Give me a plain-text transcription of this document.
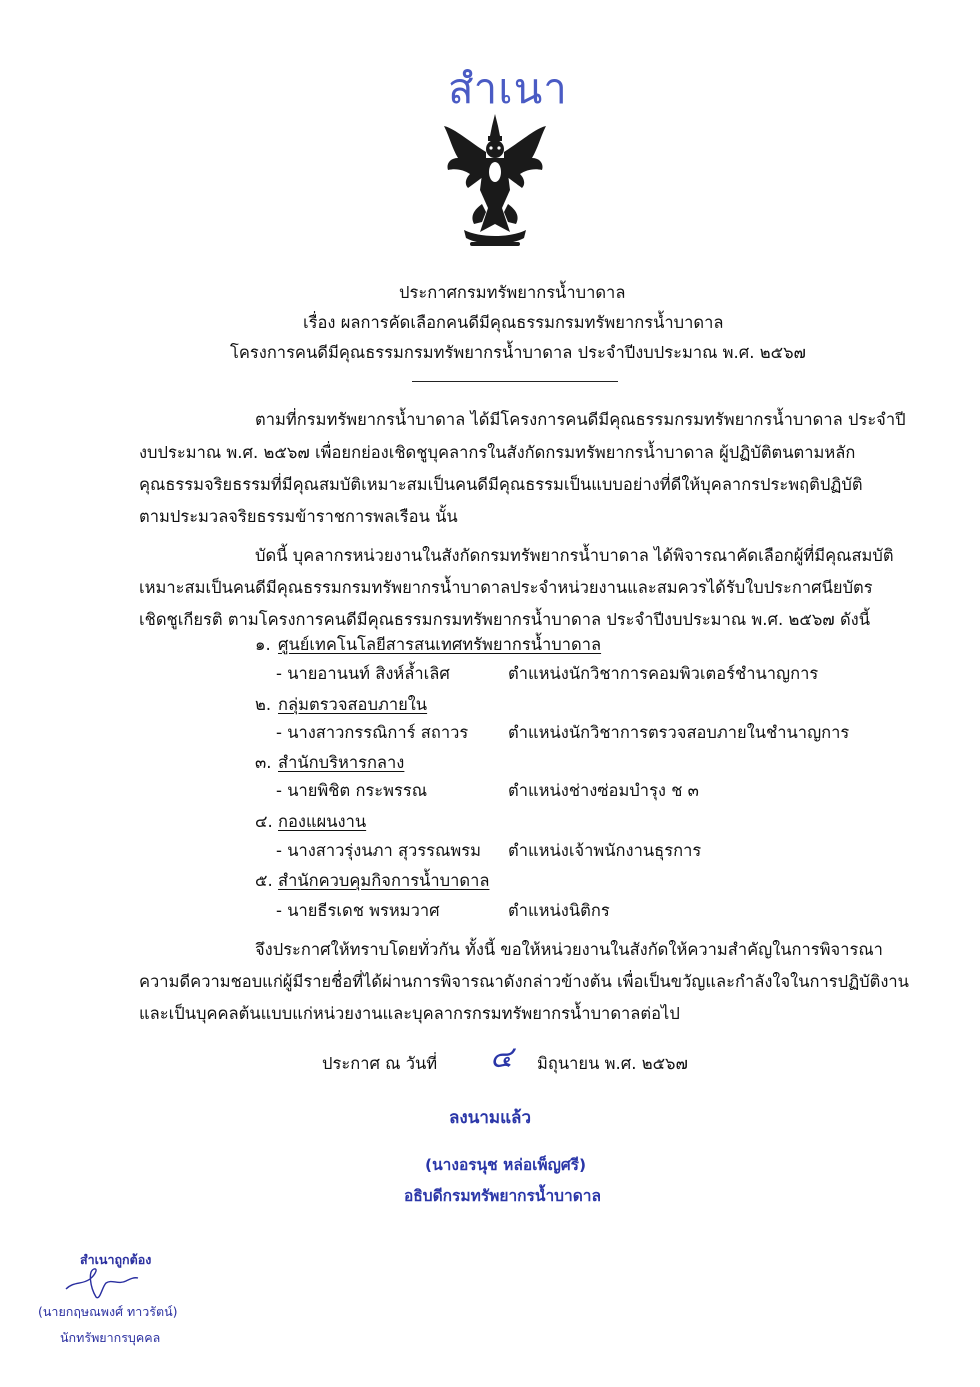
สำเนา
ประกาศกรมทรัพยากรน้ำบาดาล
เรื่อง ผลการคัดเลือกคนดีมีคุณธรรมกรมทรัพยากรน้ำบาดาล
โครงการคนดีมีคุณธรรมกรมทรัพยากรน้ำบาดาล ประจำปีงบประมาณ พ.ศ. ๒๕๖๗
ตามที่กรมทรัพยากรน้ำบาดาล ได้มีโครงการคนดีมีคุณธรรมกรมทรัพยากรน้ำบาดาล ประจำปี
งบประมาณ พ.ศ. ๒๕๖๗ เพื่อยกย่องเชิดชูบุคลากรในสังกัดกรมทรัพยากรน้ำบาดาล ผู้ปฏิบัติตนตามหลัก
คุณธรรมจริยธรรมที่มีคุณสมบัติเหมาะสมเป็นคนดีมีคุณธรรมเป็นแบบอย่างที่ดีให้บุคลากรประพฤติปฏิบัติ
ตามประมวลจริยธรรมข้าราชการพลเรือน นั้น
บัดนี้ บุคลากรหน่วยงานในสังกัดกรมทรัพยากรน้ำบาดาล ได้พิจารณาคัดเลือกผู้ที่มีคุณสมบัติ
เหมาะสมเป็นคนดีมีคุณธรรมกรมทรัพยากรน้ำบาดาลประจำหน่วยงานและสมควรได้รับใบประกาศนียบัตร
เชิดชูเกียรติ ตามโครงการคนดีมีคุณธรรมกรมทรัพยากรน้ำบาดาล ประจำปีงบประมาณ พ.ศ. ๒๕๖๗ ดังนี้
๑. ศูนย์เทคโนโลยีสารสนเทศทรัพยากรน้ำบาดาล
- นายอานนท์ สิงห์ล้ำเลิศ	ตำแหน่งนักวิชาการคอมพิวเตอร์ชำนาญการ
๒. กลุ่มตรวจสอบภายใน
- นางสาวกรรณิการ์ สถาวร ตำแหน่งนักวิชาการตรวจสอบภายในชำนาญการ
๓. สำนักบริหารกลาง
- นายพิชิต กระพรรณ	ตำแหน่งช่างซ่อมบำรุง ช ๓
๔. กองแผนงาน
- นางสาวรุ่งนภา สุวรรณพรม ตำแหน่งเจ้าพนักงานธุรการ
๕. สำนักควบคุมกิจการน้ำบาดาล
- นายธีรเดช พรหมวาศ	ตำแหน่งนิติกร
จึงประกาศให้ทราบโดยทั่วกัน ทั้งนี้ ขอให้หน่วยงานในสังกัดให้ความสำคัญในการพิจารณา
ความดีความชอบแก่ผู้มีรายชื่อที่ได้ผ่านการพิจารณาดังกล่าวข้างต้น เพื่อเป็นขวัญและกำลังใจในการปฏิบัติงาน
และเป็นบุคคลต้นแบบแก่หน่วยงานและบุคลากรกรมทรัพยากรน้ำบาดาลต่อไป
ประกาศ ณ วันที่ ๔ มิถุนายน พ.ศ. ๒๕๖๗
ลงนามแล้ว
(นางอรนุช หล่อเพ็ญศรี)
อธิบดีกรมทรัพยากรน้ำบาดาล
สำเนาถูกต้อง
(นายกฤษณพงศ์ ทาวรัตน์)
นักทรัพยากรบุคคล
